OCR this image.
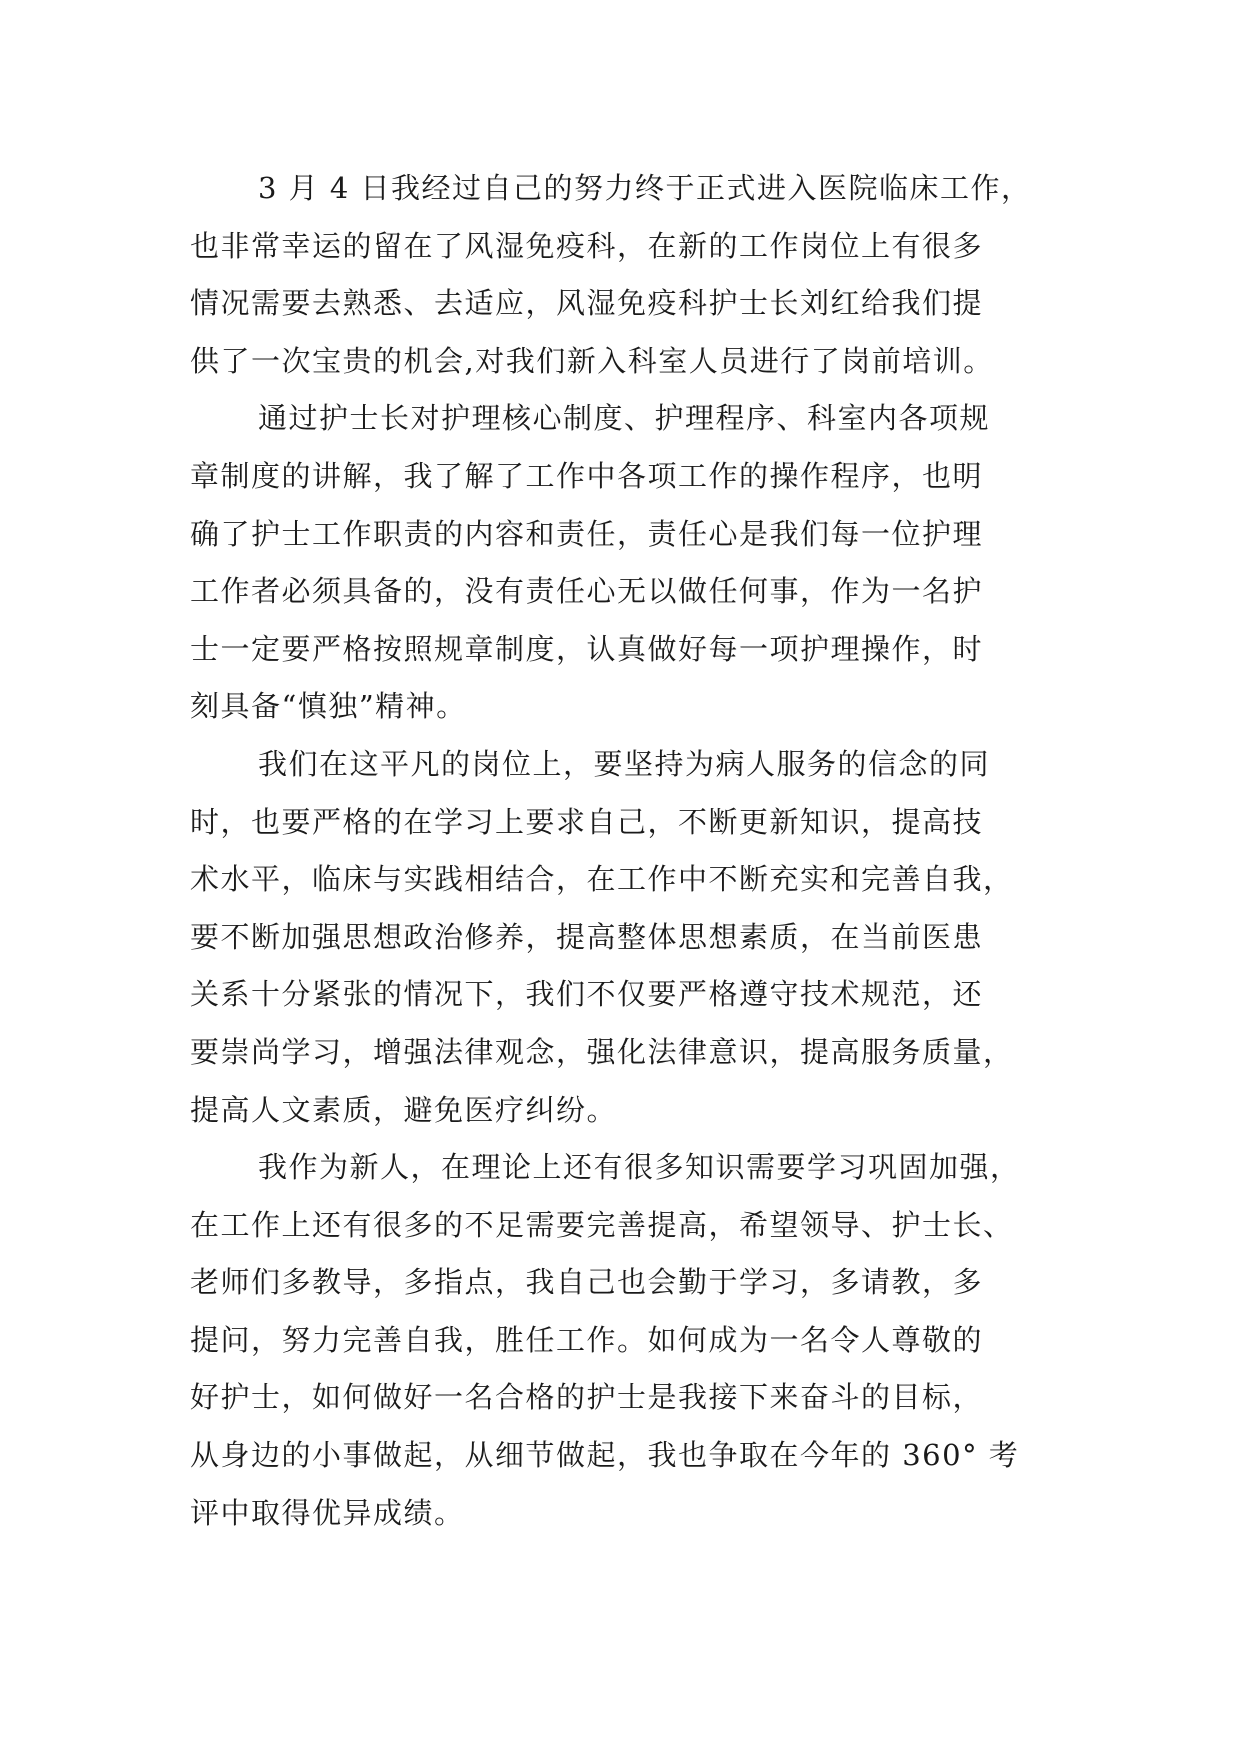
3 月 4 日我经过自己的努力终于正式进入医院临床工作，
也非常幸运的留在了风湿免疫科，在新的工作岗位上有很多
情况需要去熟悉、去适应，风湿免疫科护士长刘红给我们提
供了一次宝贵的机会,对我们新入科室人员进行了岗前培训。

通过护士长对护理核心制度、护理程序、科室内各项规
章制度的讲解，我了解了工作中各项工作的操作程序，也明
确了护士工作职责的内容和责任，责任心是我们每一位护理
工作者必须具备的，没有责任心无以做任何事，作为一名护
士一定要严格按照规章制度，认真做好每一项护理操作，时
刻具备“慎独”精神。

我们在这平凡的岗位上，要坚持为病人服务的信念的同
时，也要严格的在学习上要求自己，不断更新知识，提高技
术水平，临床与实践相结合，在工作中不断充实和完善自我，
要不断加强思想政治修养，提高整体思想素质，在当前医患
关系十分紧张的情况下，我们不仅要严格遵守技术规范，还
要崇尚学习，增强法律观念，强化法律意识，提高服务质量，
提高人文素质，避免医疗纠纷。

我作为新人，在理论上还有很多知识需要学习巩固加强，
在工作上还有很多的不足需要完善提高，希望领导、护士长、
老师们多教导，多指点，我自己也会勤于学习，多请教，多
提问，努力完善自我，胜任工作。如何成为一名令人尊敬的
好护士，如何做好一名合格的护士是我接下来奋斗的目标，
从身边的小事做起，从细节做起，我也争取在今年的 360° 考
评中取得优异成绩。
